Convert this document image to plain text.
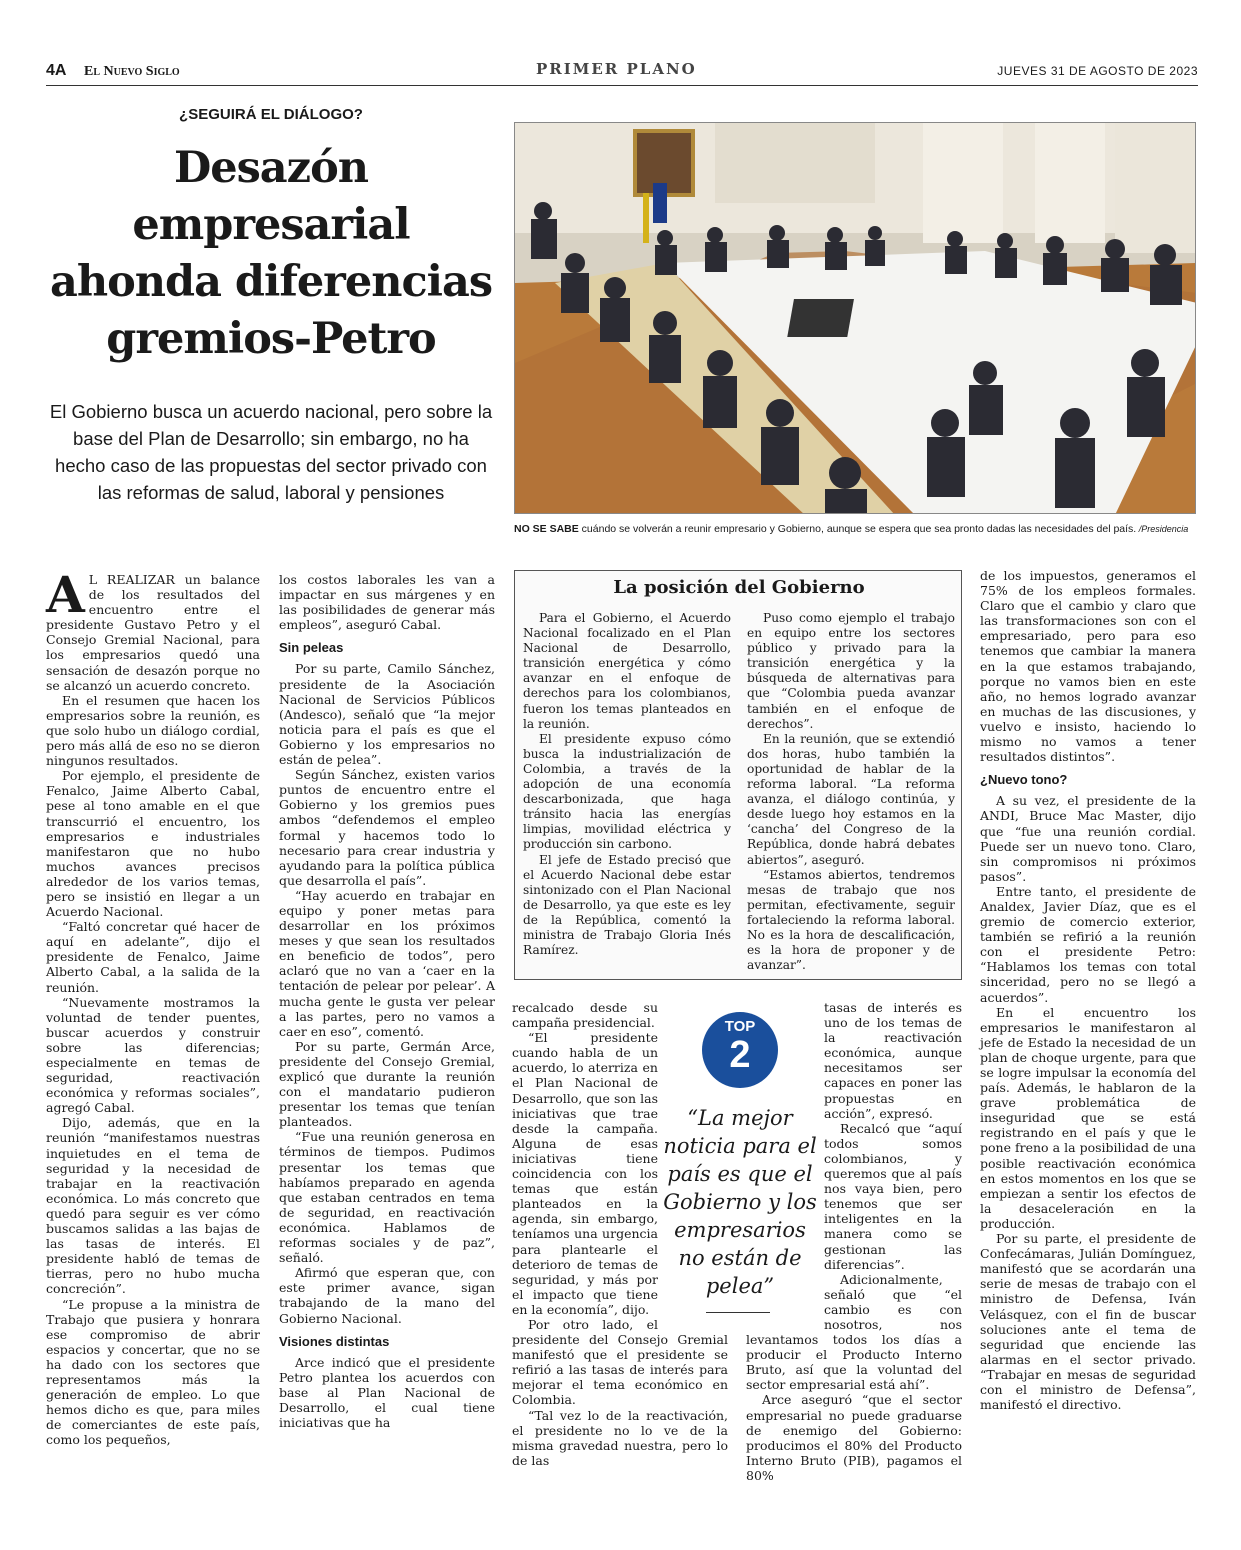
4A El Nuevo Siglo	PRIMER PLANO	JUEVES 31 DE AGOSTO DE 2023
¿SEGUIRÁ EL DIÁLOGO?
Desazón empresarial ahonda diferencias gremios-Petro

El Gobierno busca un acuerdo nacional, pero sobre la base del Plan de Desarrollo; sin embargo, no ha hecho caso de las propuestas del sector privado con las reformas de salud, laboral y pensiones

NO SE SABE cuándo se volverán a reunir empresario y Gobierno, aunque se espera que sea pronto dadas las necesidades del país. /Presidencia

A L REALIZAR un balance de los resultados del encuentro entre el presidente Gustavo Petro y el Consejo Gremial Nacional, para los empresarios quedó una sensación de desazón porque no se alcanzó un acuerdo concreto.

En el resumen que hacen los empresarios sobre la reunión, es que solo hubo un diálogo cordial, pero más allá de eso no se dieron ningunos resultados.

Por ejemplo, el presidente de Fenalco, Jaime Alberto Cabal, pese al tono amable en el que transcurrió el encuentro, los empresarios e industriales manifestaron que no hubo muchos avances precisos alrededor de los varios temas, pero se insistió en llegar a un Acuerdo Nacional.

“Faltó concretar qué hacer de aquí en adelante”, dijo el presidente de Fenalco, Jaime Alberto Cabal, a la salida de la reunión.

“Nuevamente mostramos la voluntad de tender puentes, buscar acuerdos y construir sobre las diferencias; especialmente en temas de seguridad, reactivación económica y reformas sociales”, agregó Cabal.

Dijo, además, que en la reunión “manifestamos nuestras inquietudes en el tema de seguridad y la necesidad de trabajar en la reactivación económica. Lo más concreto que quedó para seguir es ver cómo buscamos salidas a las bajas de las tasas de interés. El presidente habló de temas de tierras, pero no hubo mucha concreción”.

“Le propuse a la ministra de Trabajo que pusiera y honrara ese compromiso de abrir espacios y concertar, que no se ha dado con los sectores que representamos más la generación de empleo. Lo que hemos dicho es que, para miles de comerciantes de este país, como los pequeños,

los costos laborales les van a impactar en sus márgenes y en las posibilidades de generar más empleos”, aseguró Cabal.

Sin peleas

Por su parte, Camilo Sánchez, presidente de la Asociación Nacional de Servicios Públicos (Andesco), señaló que “la mejor noticia para el país es que el Gobierno y los empresarios no están de pelea”.

Según Sánchez, existen varios puntos de encuentro entre el Gobierno y los gremios pues ambos “defendemos el empleo formal y hacemos todo lo necesario para crear industria y ayudando para la política pública que desarrolla el país”.

“Hay acuerdo en trabajar en equipo y poner metas para desarrollar en los próximos meses y que sean los resultados en beneficio de todos”, pero aclaró que no van a ‘caer en la tentación de pelear por pelear’. A mucha gente le gusta ver pelear a las partes, pero no vamos a caer en eso”, comentó.

Por su parte, Germán Arce, presidente del Consejo Gremial, explicó que durante la reunión con el mandatario pudieron presentar los temas que tenían planteados.

“Fue una reunión generosa en términos de tiempos. Pudimos presentar los temas que habíamos preparado en agenda que estaban centrados en tema de seguridad, en reactivación económica. Hablamos de reformas sociales y de paz”, señaló.

Afirmó que esperan que, con este primer avance, sigan trabajando de la mano del Gobierno Nacional.

Visiones distintas

Arce indicó que el presidente Petro plantea los acuerdos con base al Plan Nacional de Desarrollo, el cual tiene iniciativas que ha

La posición del Gobierno

Para el Gobierno, el Acuerdo Nacional focalizado en el Plan Nacional de Desarrollo, transición energética y cómo avanzar en el enfoque de derechos para los colombianos, fueron los temas planteados en la reunión.

El presidente expuso cómo busca la industrialización de Colombia, a través de la adopción de una economía descarbonizada, que haga tránsito hacia las energías limpias, movilidad eléctrica y producción sin carbono.

El jefe de Estado precisó que el Acuerdo Nacional debe estar sintonizado con el Plan Nacional de Desarrollo, ya que este es ley de la República, comentó la ministra de Trabajo Gloria Inés Ramírez.

Puso como ejemplo el trabajo en equipo entre los sectores público y privado para la transición energética y la búsqueda de alternativas para que “Colombia pueda avanzar también en el enfoque de derechos”.

En la reunión, que se extendió dos horas, hubo también la oportunidad de hablar de la reforma laboral. “La reforma avanza, el diálogo continúa, y desde luego hoy estamos en la ‘cancha’ del Congreso de la República, donde habrá debates abiertos”, aseguró.

“Estamos abiertos, tendremos mesas de trabajo que nos permitan, efectivamente, seguir fortaleciendo la reforma laboral. No es la hora de descalificación, es la hora de proponer y de avanzar”.

recalcado desde su campaña presidencial.

“El presidente cuando habla de un acuerdo, lo aterriza en el Plan Nacional de Desarrollo, que son las iniciativas que trae desde la campaña. Alguna de esas iniciativas tiene coincidencia con los temas que están planteados en la agenda, sin embargo, teníamos una urgencia para plantearle el deterioro de temas de seguridad, y más por el impacto que tiene en la economía”, dijo.

Por otro lado, el presidente del Consejo Gremial manifestó que el presidente se refirió a las tasas de interés para mejorar el tema económico en Colombia.

“Tal vez lo de la reactivación, el presidente no lo ve de la misma gravedad nuestra, pero lo de las

tasas de interés es uno de los temas de la reactivación económica, aunque necesitamos ser capaces en poner las propuestas en acción”, expresó.

Recalcó que “aquí todos somos colombianos, y queremos que al país nos vaya bien, pero tenemos que ser inteligentes en la manera como se gestionan las diferencias”.

Adicionalmente, señaló que “el cambio es con nosotros, nos levantamos todos los días a producir el Producto Interno Bruto, así que la voluntad del sector empresarial está ahí”.

Arce aseguró “que el sector empresarial no puede graduarse de enemigo del Gobierno: producimos el 80% del Producto Interno Bruto (PIB), pagamos el 80%

TOP
2
“La mejor noticia para el país es que el Gobierno y los empresarios no están de pelea”

de los impuestos, generamos el 75% de los empleos formales. Claro que el cambio y claro que las transformaciones son con el empresariado, pero para eso tenemos que cambiar la manera en la que estamos trabajando, porque no vamos bien en este año, no hemos logrado avanzar en muchas de las discusiones, y vuelvo e insisto, haciendo lo mismo no vamos a tener resultados distintos”.

¿Nuevo tono?

A su vez, el presidente de la ANDI, Bruce Mac Master, dijo que “fue una reunión cordial. Puede ser un nuevo tono. Claro, sin compromisos ni próximos pasos”.

Entre tanto, el presidente de Analdex, Javier Díaz, que es el gremio de comercio exterior, también se refirió a la reunión con el presidente Petro: “Hablamos los temas con total sinceridad, pero no se llegó a acuerdos”.

En el encuentro los empresarios le manifestaron al jefe de Estado la necesidad de un plan de choque urgente, para que se logre impulsar la economía del país. Además, le hablaron de la grave problemática de inseguridad que se está registrando en el país y que le pone freno a la posibilidad de una posible reactivación económica en estos momentos en los que se empiezan a sentir los efectos de la desaceleración en la producción.

Por su parte, el presidente de Confecámaras, Julián Domínguez, manifestó que se acordarán una serie de mesas de trabajo con el ministro de Defensa, Iván Velásquez, con el fin de buscar soluciones ante el tema de seguridad que enciende las alarmas en el sector privado. “Trabajar en mesas de seguridad con el ministro de Defensa”, manifestó el directivo.
